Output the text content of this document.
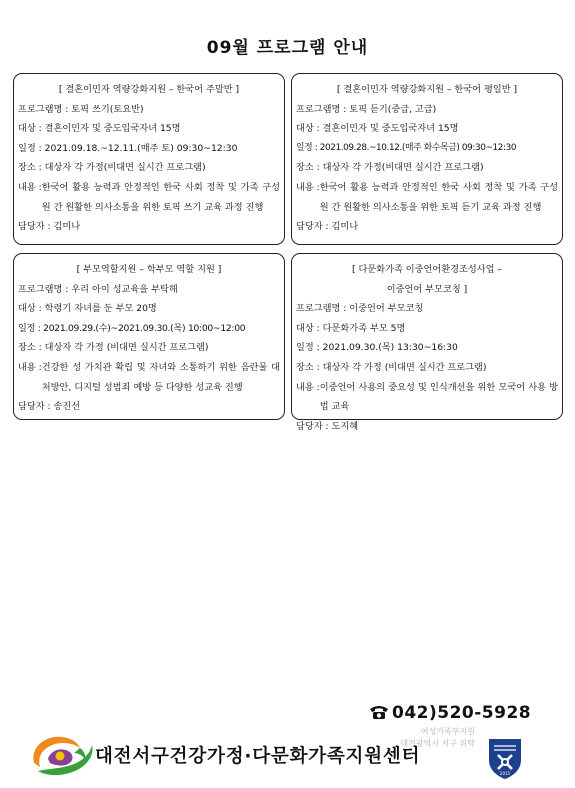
09월 프로그램 안내
[ 결혼이민자 역량강화지원 – 한국어 주말반 ]
프로그램명 : 토픽 쓰기(토요반)
대상 : 결혼이민자 및 중도입국자녀 15명
일정 : 2021.09.18.~12.11.(매주 토) 09:30~12:30
장소 : 대상자 각 가정(비대면 실시간 프로그램)
내용 : 한국어 활용 능력과 안정적인 한국 사회 정착 및 가족 구성원 간 원활한 의사소통을 위한 토픽 쓰기 교육 과정 진행
담당자 : 김미나
[ 결혼이민자 역량강화지원 – 한국어 평일반 ]
프로그램명 : 토픽 듣기(중급, 고급)
대상 : 결혼이민자 및 중도입국자녀 15명
일정 : 2021.09.28.~10.12.(매주 화수목금) 09:30~12:30
장소 : 대상자 각 가정(비대면 실시간 프로그램)
내용 : 한국어 활용 능력과 안정적인 한국 사회 정착 및 가족 구성원 간 원활한 의사소통을 위한 토픽 듣기 교육 과정 진행
담당자 : 김미나
[ 부모역할지원 – 학부모 역할 지원 ]
프로그램명 : 우리 아이 성교육을 부탁해
대상 : 학령기 자녀를 둔 부모 20명
일정 : 2021.09.29.(수)~2021.09.30.(목) 10:00~12:00
장소 : 대상자 각 가정 (비대면 실시간 프로그램)
내용 : 건강한 성 가치관 확립 및 자녀와 소통하기 위한 음란물 대처방안, 디지털 성범죄 예방 등 다양한 성교육 진행
담당자 : 송진선
[ 다문화가족 이중언어환경조성사업 –
이중언어 부모코칭 ]
프로그램명 : 이중언어 부모코칭
대상 : 다문화가족 부모 5명
일정 : 2021.09.30.(목) 13:30~16:30
장소 : 대상자 각 가정 (비대면 실시간 프로그램)
내용 : 이중언어 사용의 중요성 및 인식개선을 위한 모국어 사용 방법 교육
담당자 : 도지혜
042)520-5928
여성가족부지원
대전광역시 서구 위탁
대전서구건강가정·다문화가족지원센터
2015
